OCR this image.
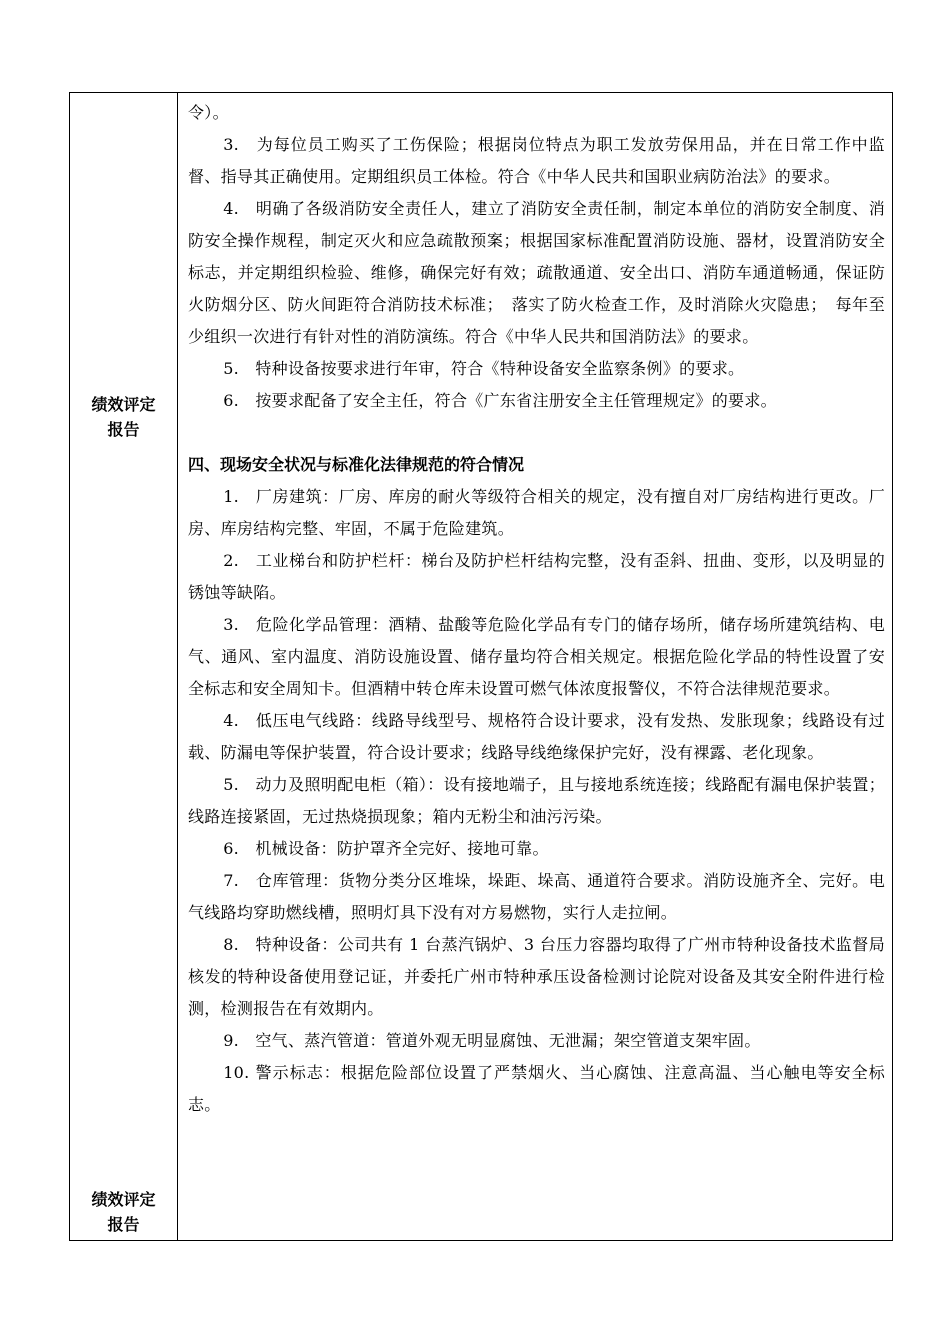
绩效评定
报告
绩效评定
报告

令）。

3.　为每位员工购买了工伤保险；根据岗位特点为职工发放劳保用品，并在日常工作中监督、指导其正确使用。定期组织员工体检。符合《中华人民共和国职业病防治法》的要求。

4.　明确了各级消防安全责任人，建立了消防安全责任制，制定本单位的消防安全制度、消防安全操作规程，制定灭火和应急疏散预案；根据国家标准配置消防设施、器材，设置消防安全标志，并定期组织检验、维修，确保完好有效；疏散通道、安全出口、消防车通道畅通，保证防火防烟分区、防火间距符合消防技术标准；　落实了防火检查工作，及时消除火灾隐患；　每年至少组织一次进行有针对性的消防演练。符合《中华人民共和国消防法》的要求。

5.　特种设备按要求进行年审，符合《特种设备安全监察条例》的要求。

6.　按要求配备了安全主任，符合《广东省注册安全主任管理规定》的要求。

四、现场安全状况与标准化法律规范的符合情况

1.　厂房建筑：厂房、库房的耐火等级符合相关的规定，没有擅自对厂房结构进行更改。厂房、库房结构完整、牢固，不属于危险建筑。

2.　工业梯台和防护栏杆：梯台及防护栏杆结构完整，没有歪斜、扭曲、变形，以及明显的锈蚀等缺陷。

3.　危险化学品管理：酒精、盐酸等危险化学品有专门的储存场所，储存场所建筑结构、电气、通风、室内温度、消防设施设置、储存量均符合相关规定。根据危险化学品的特性设置了安全标志和安全周知卡。但酒精中转仓库未设置可燃气体浓度报警仪，不符合法律规范要求。

4.　低压电气线路：线路导线型号、规格符合设计要求，没有发热、发胀现象；线路设有过载、防漏电等保护装置，符合设计要求；线路导线绝缘保护完好，没有裸露、老化现象。

5.　动力及照明配电柜（箱）：设有接地端子，且与接地系统连接；线路配有漏电保护装置；线路连接紧固，无过热烧损现象；箱内无粉尘和油污污染。

6.　机械设备：防护罩齐全完好、接地可靠。

7.　仓库管理：货物分类分区堆垛，垛距、垛高、通道符合要求。消防设施齐全、完好。电气线路均穿助燃线槽，照明灯具下没有对方易燃物，实行人走拉闸。

8.　特种设备：公司共有 1 台蒸汽锅炉、3 台压力容器均取得了广州市特种设备技术监督局核发的特种设备使用登记证，并委托广州市特种承压设备检测讨论院对设备及其安全附件进行检测，检测报告在有效期内。

9.　空气、蒸汽管道：管道外观无明显腐蚀、无泄漏；架空管道支架牢固。

10. 警示标志：根据危险部位设置了严禁烟火、当心腐蚀、注意高温、当心触电等安全标志。
